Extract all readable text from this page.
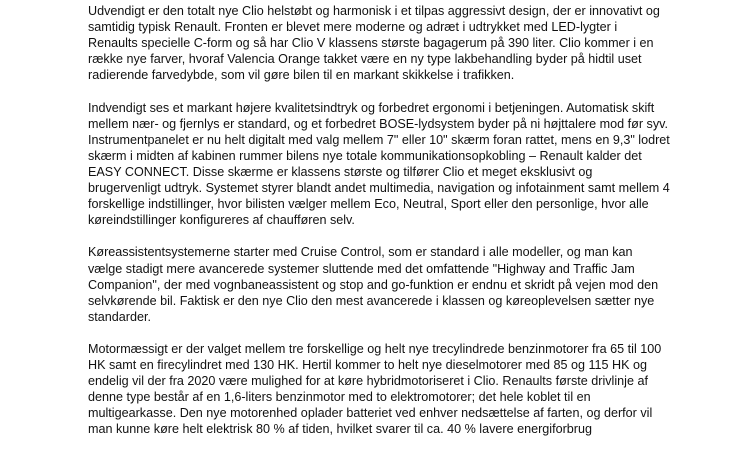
Udvendigt er den totalt nye Clio helstøbt og harmonisk i et tilpas aggressivt design, der er innovativt og
samtidig typisk Renault. Fronten er blevet mere moderne og adræt i udtrykket med LED-lygter i
Renaults specielle C-form og så har Clio V klassens største bagagerum på 390 liter. Clio kommer i en
række nye farver, hvoraf Valencia Orange takket være en ny type lakbehandling byder på hidtil uset
radierende farvedybde, som vil gøre bilen til en markant skikkelse i trafikken.

Indvendigt ses et markant højere kvalitetsindtryk og forbedret ergonomi i betjeningen. Automatisk skift
mellem nær- og fjernlys er standard, og et forbedret BOSE-lydsystem byder på ni højttalere mod før syv.
Instrumentpanelet er nu helt digitalt med valg mellem 7" eller 10" skærm foran rattet, mens en 9,3" lodret
skærm i midten af kabinen rummer bilens nye totale kommunikationsopkobling – Renault kalder det
EASY CONNECT. Disse skærme er klassens største og tilfører Clio et meget eksklusivt og
brugervenligt udtryk. Systemet styrer blandt andet multimedia, navigation og infotainment samt mellem 4
forskellige indstillinger, hvor bilisten vælger mellem Eco, Neutral, Sport eller den personlige, hvor alle
køreindstillinger konfigureres af chaufføren selv.

Køreassistentsystemerne starter med Cruise Control, som er standard i alle modeller, og man kan
vælge stadigt mere avancerede systemer sluttende med det omfattende "Highway and Traffic Jam
Companion", der med vognbaneassistent og stop and go-funktion er endnu et skridt på vejen mod den
selvkørende bil. Faktisk er den nye Clio den mest avancerede i klassen og køreoplevelsen sætter nye
standarder.

Motormæssigt er der valget mellem tre forskellige og helt nye trecylindrede benzinmotorer fra 65 til 100
HK samt en firecylindret med 130 HK. Hertil kommer to helt nye dieselmotorer med 85 og 115 HK og
endelig vil der fra 2020 være mulighed for at køre hybridmotoriseret i Clio. Renaults første drivlinje af
denne type består af en 1,6-liters benzinmotor med to elektromotorer; det hele koblet til en
multigearkasse. Den nye motorenhed oplader batteriet ved enhver nedsættelse af farten, og derfor vil
man kunne køre helt elektrisk 80 % af tiden, hvilket svarer til ca. 40 % lavere energiforbrug
